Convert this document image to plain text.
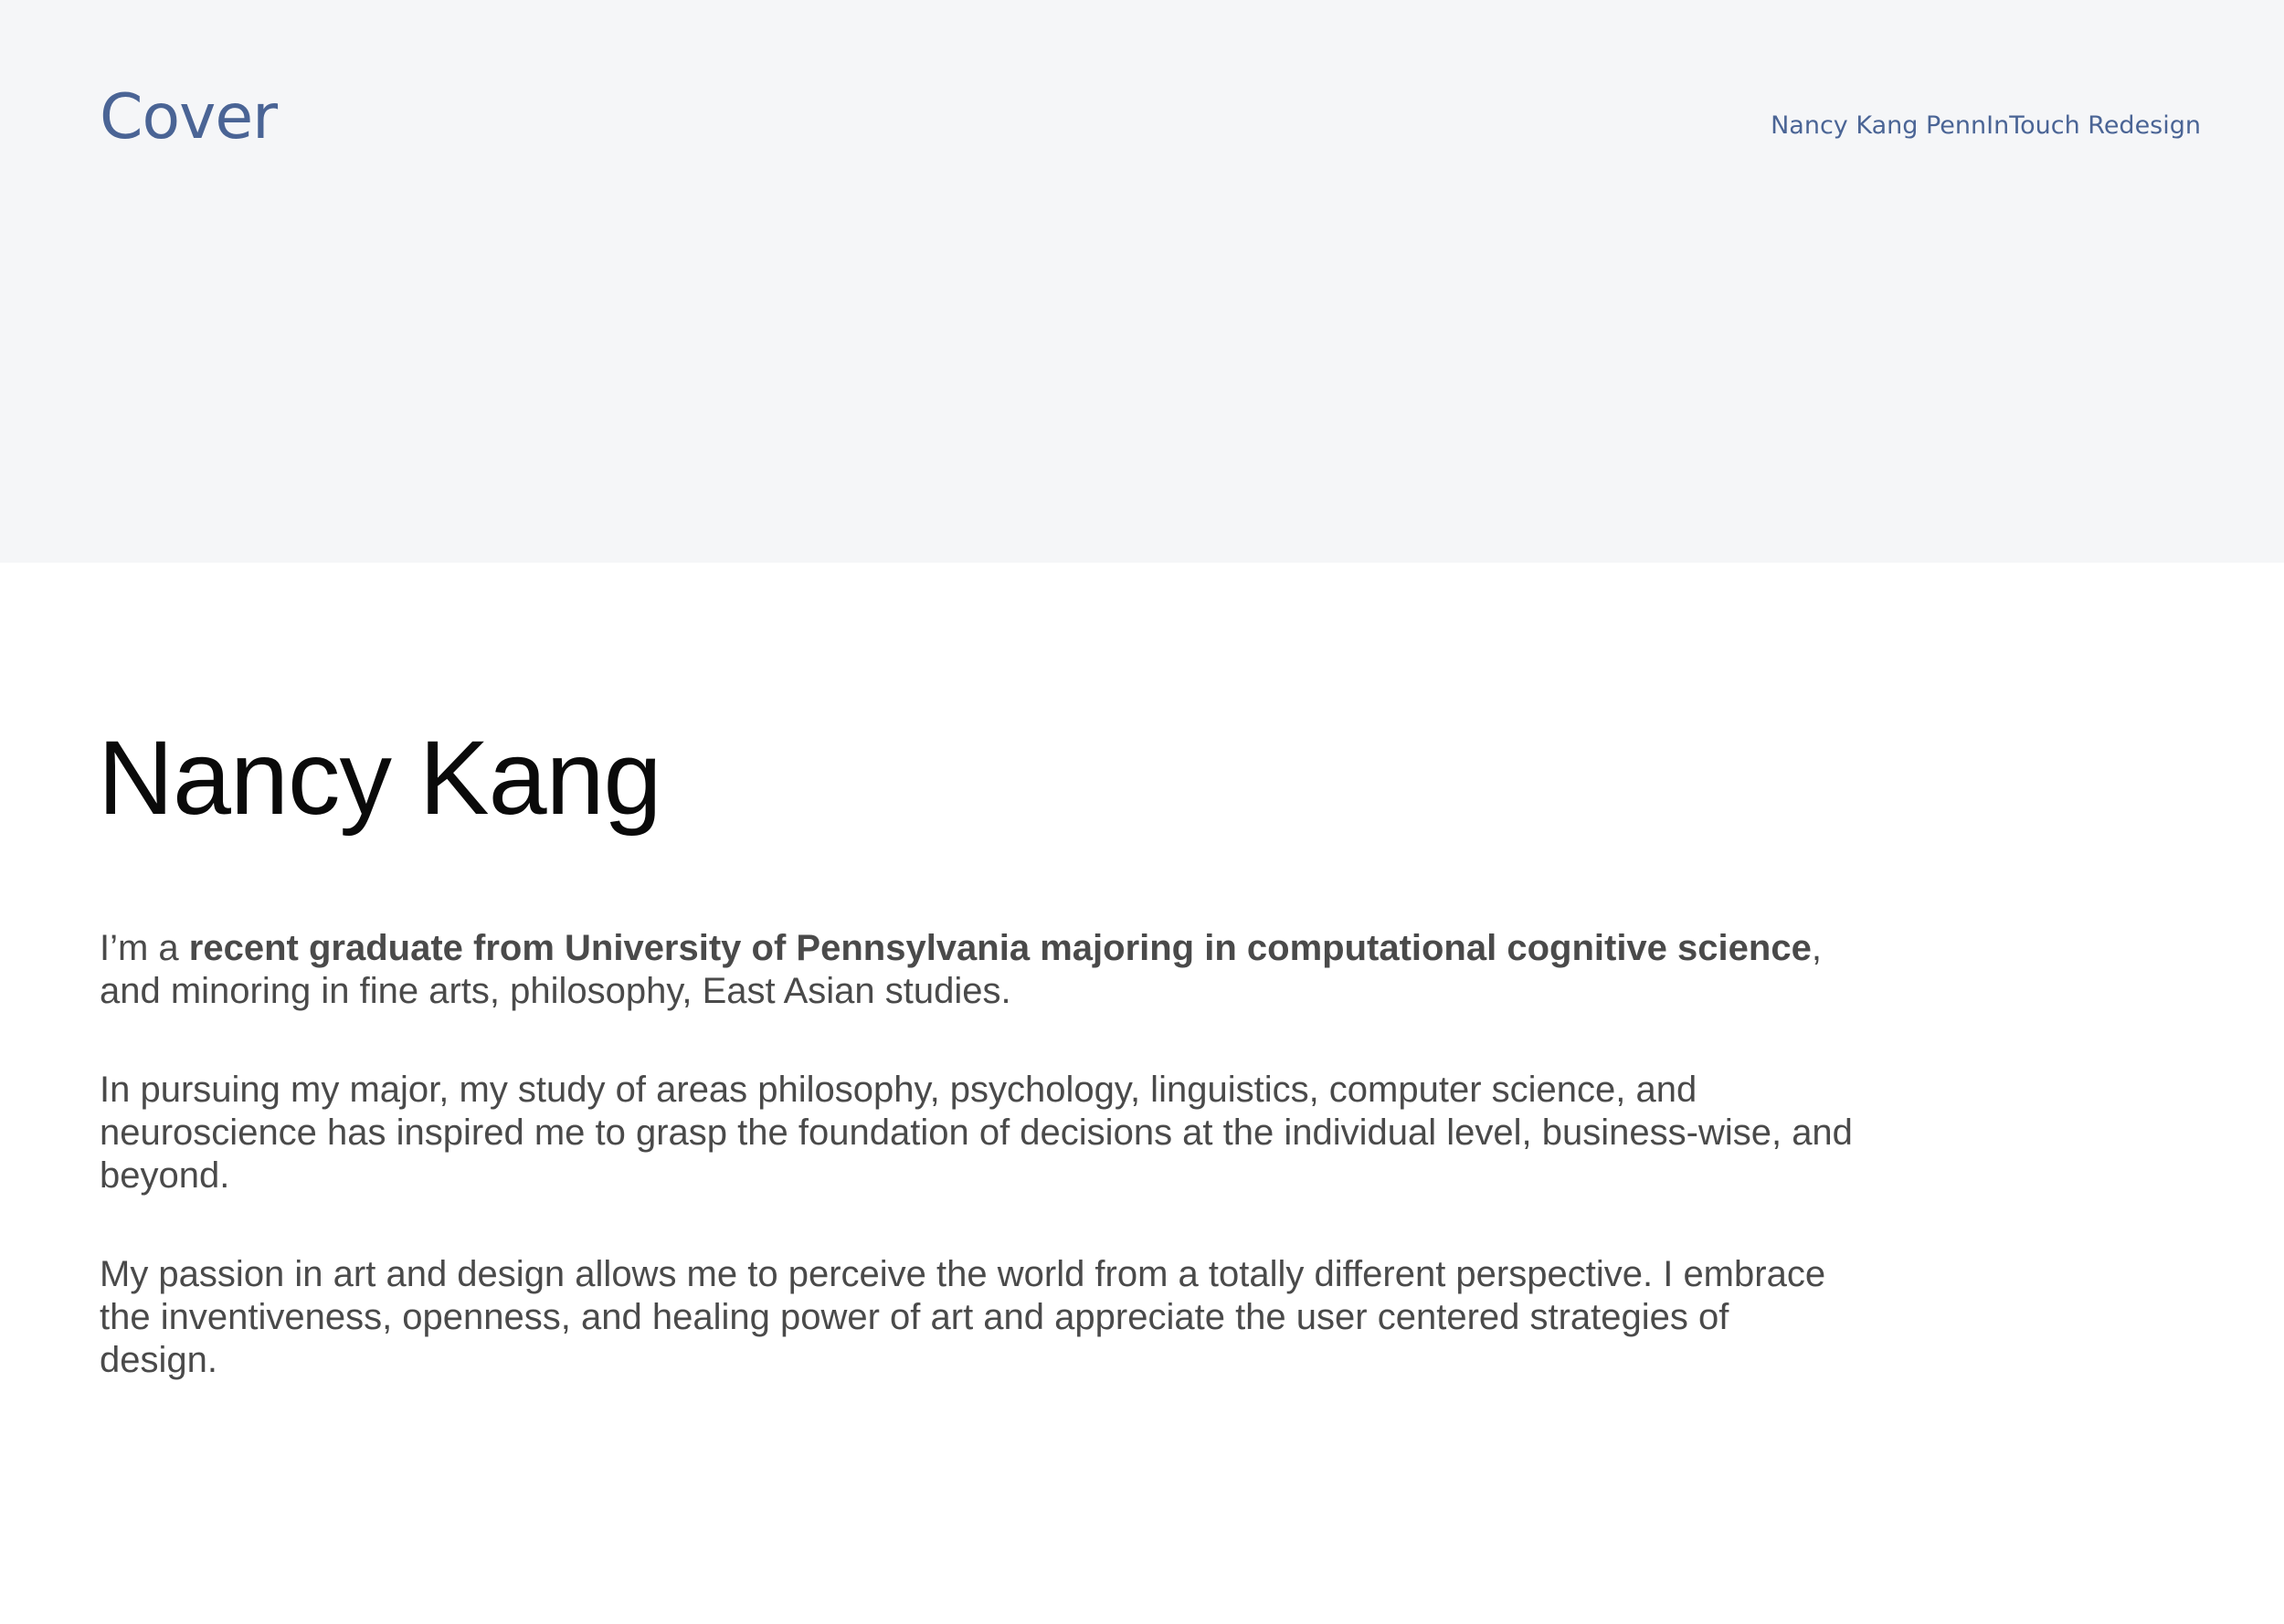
Cover	Nancy Kang PennInTouch Redesign
Nancy Kang

I’m a recent graduate from University of Pennsylvania majoring in computational cognitive science, and minoring in fine arts, philosophy, East Asian studies.

In pursuing my major, my study of areas philosophy, psychology, linguistics, computer science, and neuroscience has inspired me to grasp the foundation of decisions at the individual level, business-wise, and beyond.

My passion in art and design allows me to perceive the world from a totally different perspective. I embrace the inventiveness, openness, and healing power of art and appreciate the user centered strategies of design.
